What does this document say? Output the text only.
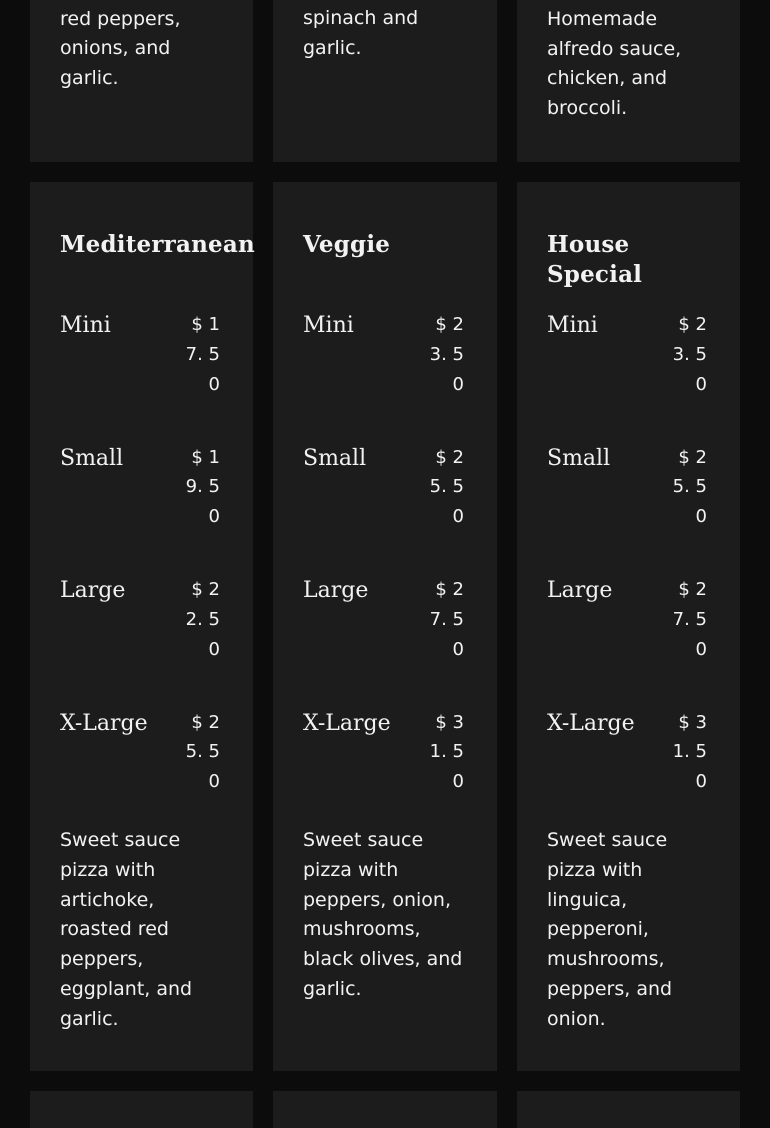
red peppers, onions, and garlic.

spinach and garlic.

Homemade alfredo sauce, chicken, and broccoli.

Mediterranean
Mini	$ 17. 50
Small	$ 19. 50
Large	$ 22. 50
X-Large	$ 25. 50

Sweet sauce pizza with artichoke, roasted red peppers, eggplant, and garlic.

Veggie
Mini	$ 23. 50
Small	$ 25. 50
Large	$ 27. 50
X-Large	$ 31. 50

Sweet sauce pizza with peppers, onion, mushrooms, black olives, and garlic.

House Special
Mini	$ 23. 50
Small	$ 25. 50
Large	$ 27. 50
X-Large	$ 31. 50

Sweet sauce pizza with linguica, pepperoni, mushrooms, peppers, and onion.
